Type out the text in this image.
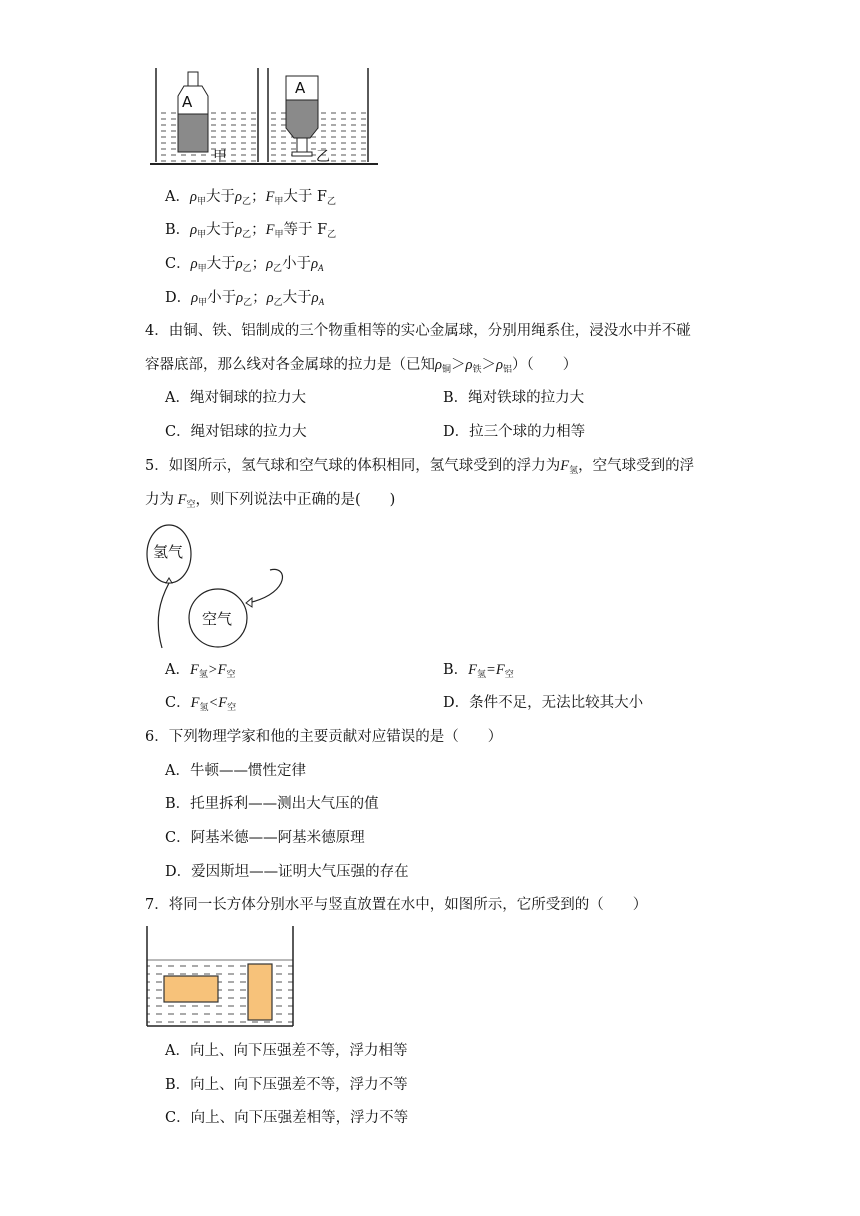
A
A
甲	乙
A．$\rho_甲$大于$\rho_乙$；$F_甲$大于 $F_乙$
B．$\rho_甲$大于$\rho_乙$；$F_甲$等于 $F_乙$
C．$\rho_甲$大于$\rho_乙$；$\rho_乙$小于$\rho_A$
D．$\rho_甲$小于$\rho_乙$；$\rho_乙$大于$\rho_A$
4．由铜、铁、铝制成的三个物重相等的实心金属球，分别用绳系住，浸没水中并不碰
容器底部，那么线对各金属球的拉力是（已知$\rho_铜>\rho_铁>\rho_铝$）（　　）
A．绳对铜球的拉力大	B．绳对铁球的拉力大
C．绳对铝球的拉力大	D．拉三个球的力相等
5．如图所示，氢气球和空气球的体积相同，氢气球受到的浮力为$F_氢$，空气球受到的浮
力为 $F_空$，则下列说法中正确的是(　　)
氢气
空气
A．$F_氢>F_空$	B．$F_氢=F_空$
C．$F_氢<F_空$	D．条件不足，无法比较其大小
6．下列物理学家和他的主要贡献对应错误的是（　　）
A．牛顿——惯性定律
B．托里拆利——测出大气压的值
C．阿基米德——阿基米德原理
D．爱因斯坦——证明大气压强的存在
7．将同一长方体分别水平与竖直放置在水中，如图所示，它所受到的（　　）
A．向上、向下压强差不等，浮力相等
B．向上、向下压强差不等，浮力不等
C．向上、向下压强差相等，浮力不等
